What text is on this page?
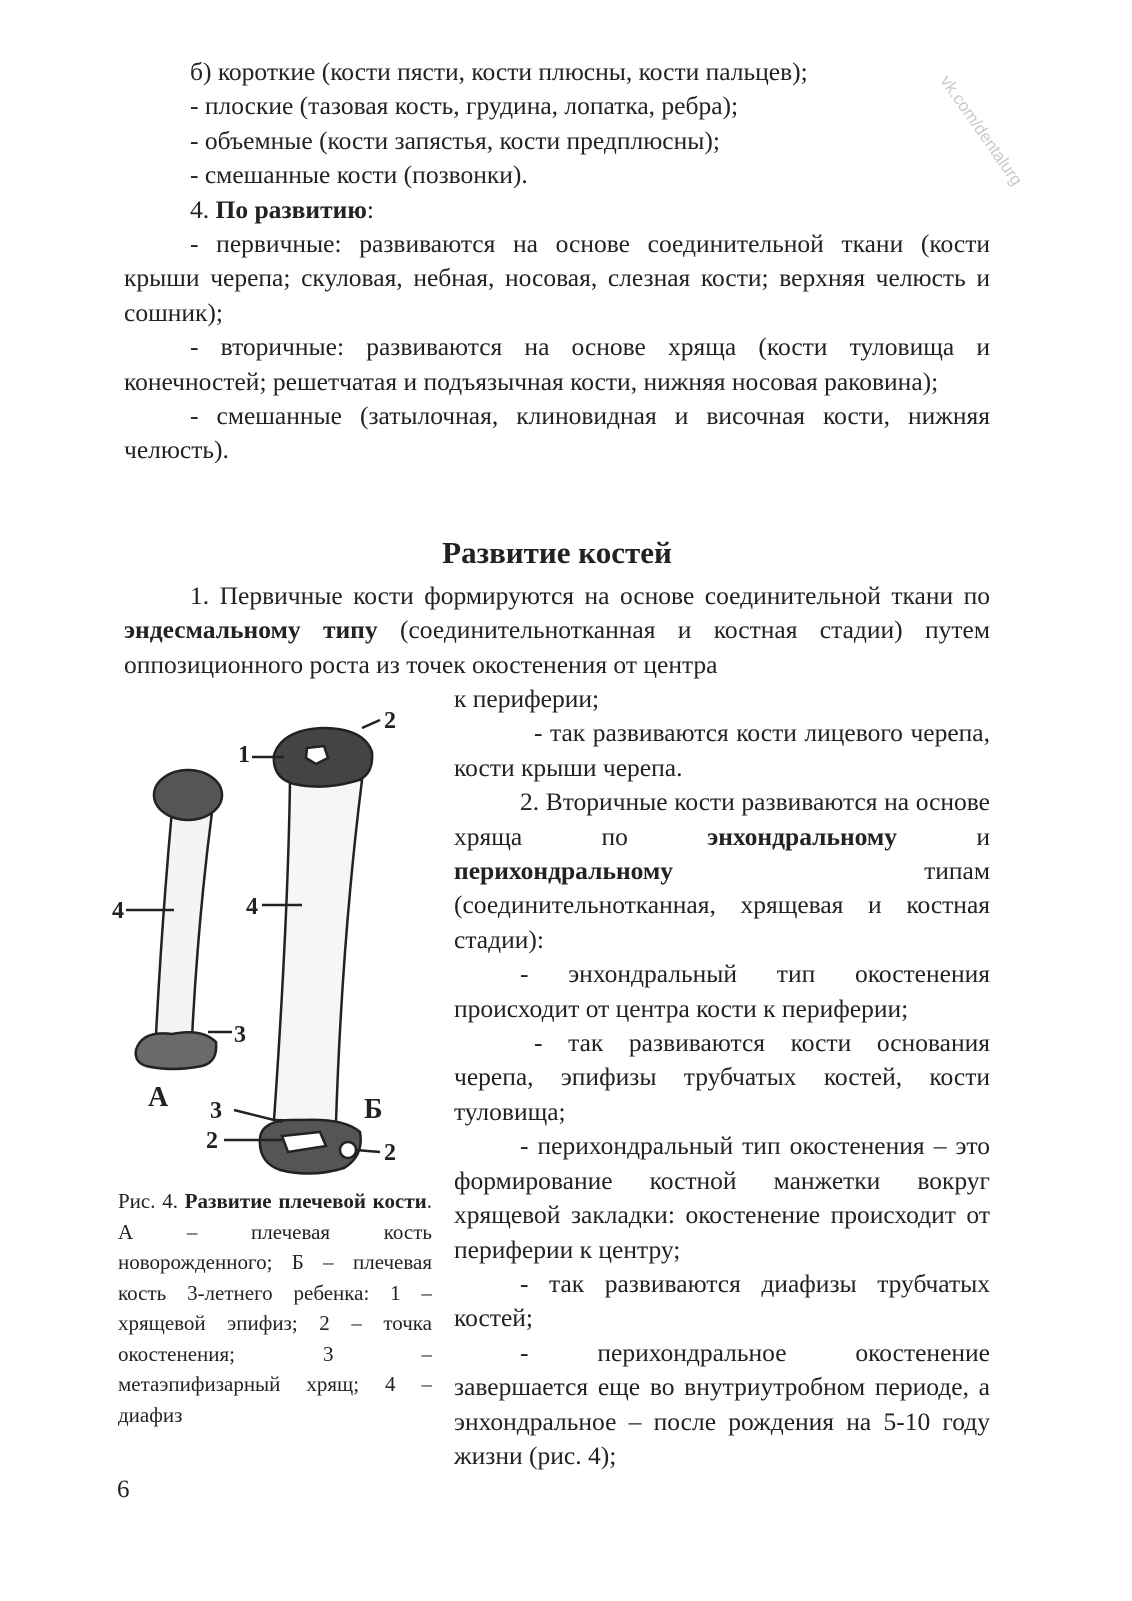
vk.com/dentalurg

б) короткие (кости пясти, кости плюсны, кости пальцев);

- плоские (тазовая кость, грудина, лопатка, ребра);

- объемные (кости запястья, кости предплюсны);

- смешанные кости (позвонки).

4. По развитию:

- первичные: развиваются на основе соединительной ткани (кости крыши черепа; скуловая, небная, носовая, слезная кости; верхняя челюсть и сошник);

- вторичные: развиваются на основе хряща (кости туловища и конечностей; решетчатая и подъязычная кости, нижняя носовая раковина);

- смешанные (затылочная, клиновидная и височная кости, нижняя челюсть).

Развитие костей

1. Первичные кости формируются на основе соединительной ткани по эндесмальному типу (соединительнотканная и костная стадии) путем оппозиционного роста из точек окостенения от центра

1
2
4	4
3
3
2	2
А	Б

Рис. 4. Развитие плечевой кости. А – плечевая кость новорожденного; Б – плечевая кость 3-летнего ребенка: 1 – хрящевой эпифиз; 2 – точка окостенения; 3 – метаэпифизарный хрящ; 4 – диафиз

к периферии;

- так развиваются кости лицевого черепа, кости крыши черепа.

2. Вторичные кости развиваются на основе хряща по энхондральному и перихондральному типам (соединительнотканная, хрящевая и костная стадии):

- энхондральный тип окостенения происходит от центра кости к периферии;

- так развиваются кости основания черепа, эпифизы трубчатых костей, кости туловища;

- перихондральный тип окостенения – это формирование костной манжетки вокруг хрящевой закладки: окостенение происходит от периферии к центру;

- так развиваются диафизы трубчатых костей;

- перихондральное окостенение завершается еще во внутриутробном периоде, а энхондральное – после рождения на 5-10 году жизни (рис. 4);

6
